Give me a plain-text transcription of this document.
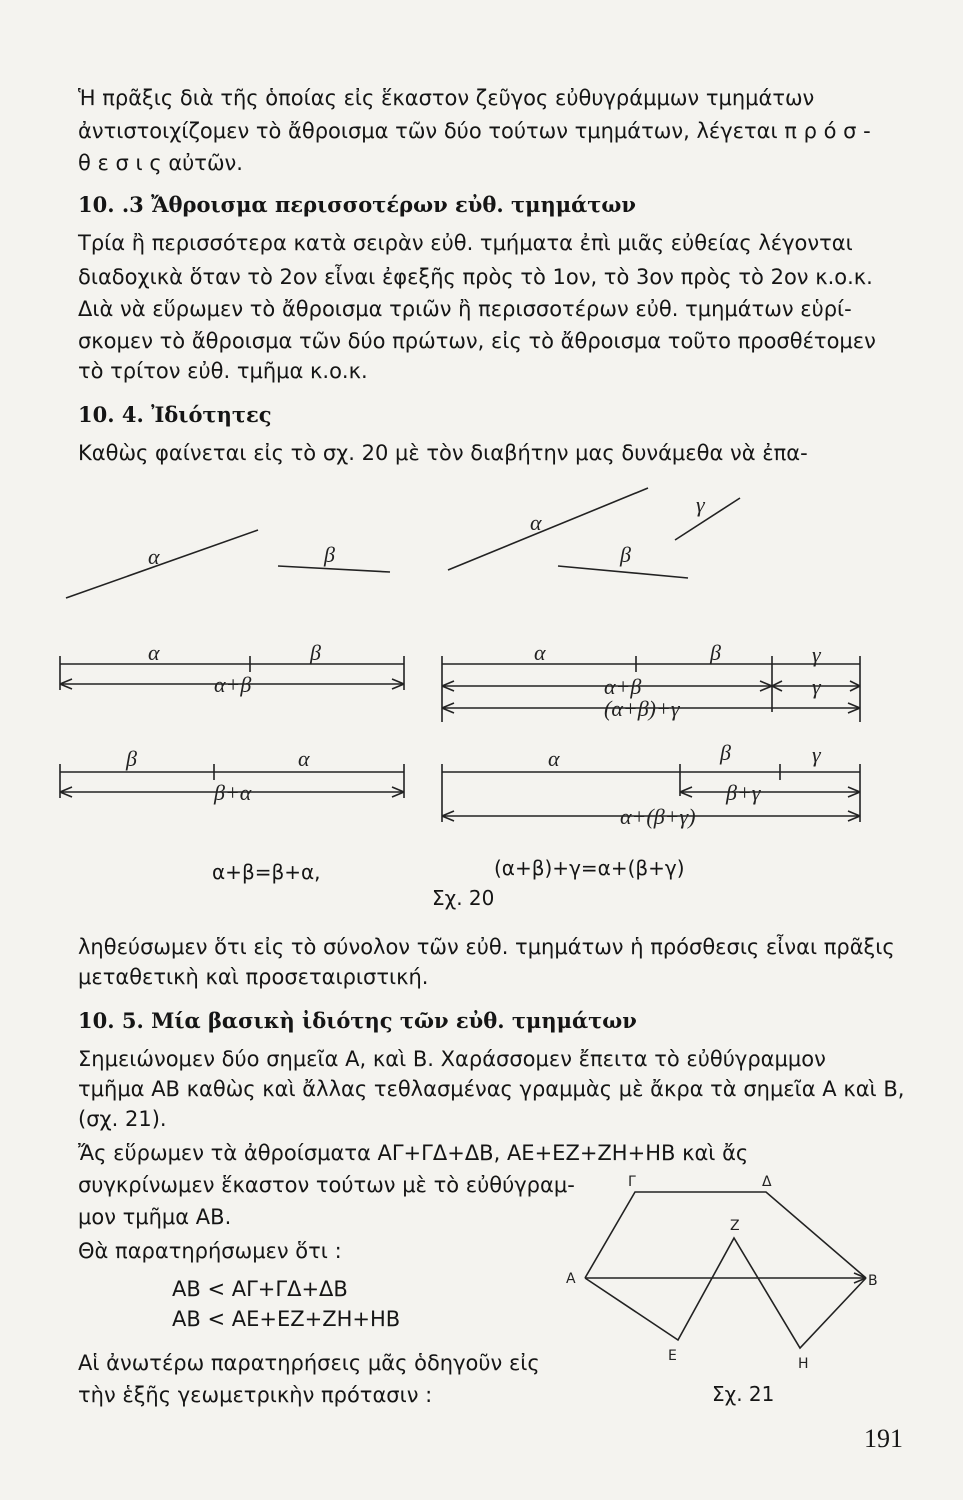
Ἡ πρᾶξις διὰ τῆς ὁποίας εἰς ἕκαστον ζεῦγος εὐθυγράμμων τμημάτων

ἀντιστοιχίζομεν τὸ ἄθροισμα τῶν δύο τούτων τμημάτων, λέγεται π ρ ό σ -

θ ε σ ι ς αὐτῶν.

10. .3 Ἄθροισμα περισσοτέρων εὐθ. τμημάτων

Τρία ἢ περισσότερα κατὰ σειρὰν εὐθ. τμήματα ἐπὶ μιᾶς εὐθείας λέγονται

διαδοχικὰ ὅταν τὸ 2ον εἶναι ἐφεξῆς πρὸς τὸ 1ον, τὸ 3ον πρὸς τὸ 2ον κ.ο.κ.

Διὰ νὰ εὕρωμεν τὸ ἄθροισμα τριῶν ἢ περισσοτέρων εὐθ. τμημάτων εὑρί-

σκομεν τὸ ἄθροισμα τῶν δύο πρώτων, εἰς τὸ ἄθροισμα τοῦτο προσθέτομεν

τὸ τρίτον εὐθ. τμῆμα κ.ο.κ.

10. 4. Ἰδιότητες

Καθὼς φαίνεται εἰς τὸ σχ. 20 μὲ τὸν διαβήτην μας δυνάμεθα νὰ ἐπα-

α	β
α
β
γ
α	β
α+β
β	α
β+α
α	β	γ
α+β	γ
(α+β)+γ
α	β	γ
β+γ
α+(β+γ)
α+β=β+α,	(α+β)+γ=α+(β+γ)
Σχ. 20

ληθεύσωμεν ὅτι εἰς τὸ σύνολον τῶν εὐθ. τμημάτων ἡ πρόσθεσις εἶναι πρᾶξις

μεταθετικὴ καὶ προσεταιριστική.

10. 5. Μία βασικὴ ἰδιότης τῶν εὐθ. τμημάτων

Σημειώνομεν δύο σημεῖα Α, καὶ Β. Χαράσσομεν ἔπειτα τὸ εὐθύγραμμον

τμῆμα ΑΒ καθὼς καὶ ἄλλας τεθλασμένας γραμμὰς μὲ ἄκρα τὰ σημεῖα Α καὶ Β,

(σχ. 21).

Ἄς εὕρωμεν τὰ ἀθροίσματα ΑΓ+ΓΔ+ΔΒ, ΑΕ+ΕΖ+ΖΗ+ΗΒ καὶ ἄς

συγκρίνωμεν ἕκαστον τούτων μὲ τὸ εὐθύγραμ-

μον τμῆμα ΑΒ.

Θὰ παρατηρήσωμεν ὅτι :

ΑΒ < ΑΓ+ΓΔ+ΔΒ
ΑΒ < ΑΕ+ΕΖ+ΖΗ+ΗΒ

Αἱ ἀνωτέρω παρατηρήσεις μᾶς ὁδηγοῦν εἰς

τὴν ἑξῆς γεωμετρικὴν πρότασιν :

Α	Β
Γ	Δ
Ε
Ζ
Η
Σχ. 21
191
